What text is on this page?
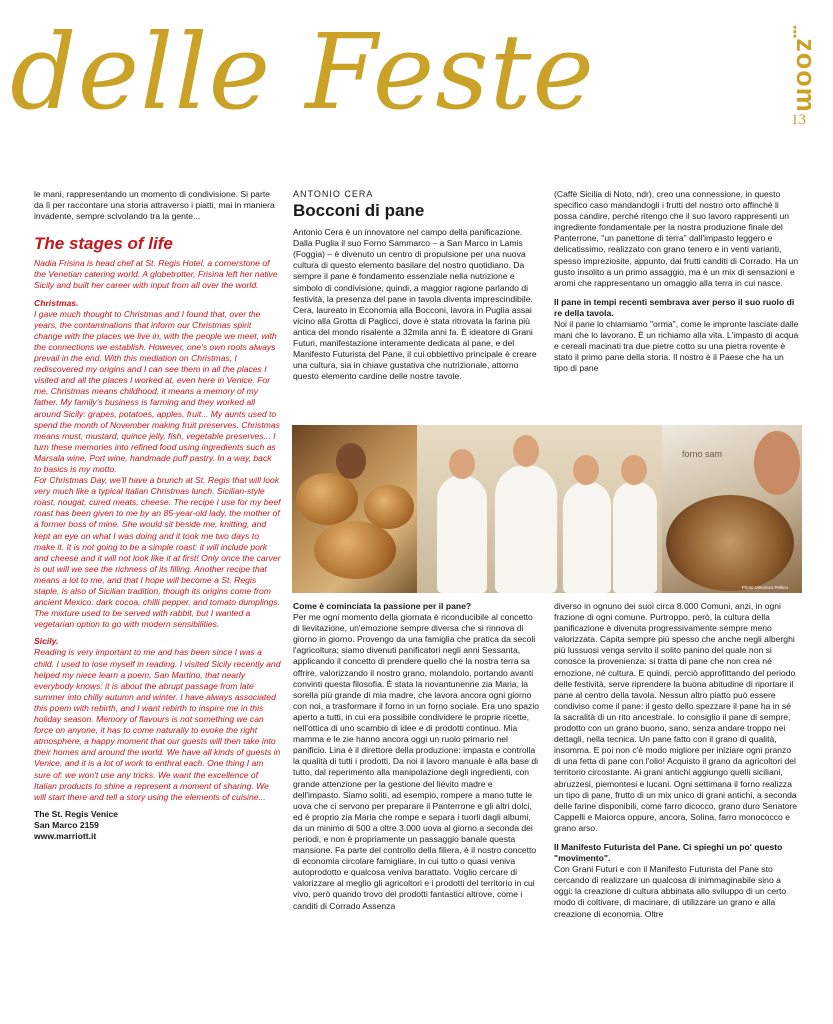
delle Feste	⁝
zoom
13

le mani, rappresentando un momento di condivisione. Si parte da lì per raccontare una storia attraverso i piatti, mai in maniera invadente, sempre scivolando tra la gente...

The stages of life

Nadia Frisina is head chef at St. Regis Hotel, a cornerstone of the Venetian catering world. A globetrotter, Frisina left her native Sicily and built her career with input from all over the world.

Christmas.

I gave much thought to Christmas and I found that, over the years, the contaminations that inform our Christmas spirit change with the places we live in, with the people we meet, with the connections we establish. However, one's own roots always prevail in the end. With this mediation on Christmas, I rediscovered my origins and I can see them in all the places I visited and all the places I worked at, even here in Venice. For me, Christmas means childhood, it means a memory of my father. My family's business is farming and they worked all around Sicily: grapes, potatoes, apples, fruit... My aunts used to spend the month of November making fruit preserves. Christmas means must, mustard, quince jelly, fish, vegetable preserves... I turn these memories into refined food using ingredients such as Marsala wine, Port wine, handmade puff pastry. In a way, back to basics is my motto.

For Christmas Day, we'll have a brunch at St. Regis that will look very much like a typical Italian Christmas lunch. Sicilian-style roast, nougat, cured meats, cheese. The recipe I use for my beef roast has been given to me by an 85-year-old lady, the mother of a former boss of mine. She would sit beside me, knitting, and kept an eye on what I was doing and it took me two days to make it. It is not going to be a simple roast: it will include pork and cheese and it will not look like it at first! Only once the carver is out will we see the richness of its filling. Another recipe that means a lot to me, and that I hope will become a St. Regis staple, is also of Sicilian tradition, though its origins come from ancient Mexico: dark cocoa, chilli pepper, and tomato dumplings. The mixture used to be served with rabbit, but I wanted a vegetarian option to go with modern sensibilities.

Sicily.

Reading is very important to me and has been since I was a child. I used to lose myself in reading. I visited Sicily recently and helped my niece learn a poem, San Martino, that nearly everybody knows: it is about the abrupt passage from late summer into chilly autumn and winter. I have always associated this poem with rebirth, and I want rebirth to inspire me in this holiday season. Memory of flavours is not something we can force on anyone, it has to come naturally to evoke the right atmosphere, a happy moment that our guests will then take into their homes and around the world. We have all kinds of guests in Venice, and it is a lot of work to enthral each. One thing I am sure of: we won't use any tricks. We want the excellence of Italian products to shine a represent a moment of sharing. We will start there and tell a story using the elements of cuisine...

The St. Regis Venice
San Marco 2159
www.marriott.it
ANTONIO CERA
Bocconi di pane

Antonio Cera è un innovatore nel campo della panificazione. Dalla Puglia il suo Forno Sammarco – a San Marco in Lamis (Foggia) – è divenuto un centro di propulsione per una nuova cultura di questo elemento basilare del nostro quotidiano. Da sempre il pane è fondamento essenziale nella nutrizione e simbolo di condivisione, quindi, a maggior ragione parlando di festività, la presenza del pane in tavola diventa imprescindibile. Cera, laureato in Economia alla Bocconi, lavora in Puglia assai vicino alla Grotta di Paglicci, dove è stata ritrovata la farina più antica del mondo risalente a 32mila anni fa. È ideatore di Grani Futuri, manifestazione interamente dedicata al pane, e del Manifesto Futurista del Pane, il cui obbiettivo principale è creare una cultura, sia in chiave gustativa che nutrizionale, attorno questo elemento cardine delle nostre tavole.

(Caffè Sicilia di Noto, ndr), creo una connessione, in questo specifico caso mandandogli i frutti del nostro orto affinché li possa candire, perché ritengo che il suo lavoro rappresenti un ingrediente fondamentale per la nostra produzione finale del Panterrone, "un panettone di terra" dall'impasto leggero e delicatissimo, realizzato con grano tenero e in venti varianti, spesso impreziosite, appunto, dai frutti canditi di Corrado. Ha un gusto insolito a un primo assaggio, ma è un mix di sensazioni e aromi che rappresentano un omaggio alla terra in cui nasce.

Il pane in tempi recenti sembrava aver perso il suo ruolo di re della tavola.

Noi il pane lo chiamiamo "orma", come le impronte lasciate dalle mani che lo lavorano. È un richiamo alla vita. L'impasto di acqua e cereali macinati tra due pietre cotto su una pietra rovente è stato il primo pane della storia. Il nostro è il Paese che ha un tipo di pane

forno sam
Photo Vincenzo Pellino

Come è cominciata la passione per il pane?

Per me ogni momento della giornata è riconducibile al concetto di lievitazione, un'emozione sempre diversa che si rinnova di giorno in giorno. Provengo da una famiglia che pratica da secoli l'agricoltura; siamo divenuti panificatori negli anni Sessanta, applicando il concetto di prendere quello che la nostra terra sa offrire, valorizzando il nostro grano, molandolo, portando avanti convinti questa filosofia. È stata la novantunenne zia Maria, la sorella più grande di mia madre, che lavora ancora ogni giorno con noi, a trasformare il forno in un forno sociale. Era uno spazio aperto a tutti, in cui era possibile condividere le proprie ricette, nell'ottica di uno scambio di idee e di prodotti continuo. Mia mamma e le zie hanno ancora oggi un ruolo primario nel panificio. Lina è il direttore della produzione: impasta e controlla la qualità di tutti i prodotti. Da noi il lavoro manuale è alla base di tutto, dal reperimento alla manipolazione degli ingredienti, con grande attenzione per la gestione del lievito madre e dell'impasto. Siamo soliti, ad esempio, rompere a mano tutte le uova che ci servono per preparare il Panterrone e gli altri dolci, ed è proprio zia Maria che rompe e separa i tuorli dagli albumi, da un minimo di 500 a oltre 3.000 uova al giorno a seconda dei periodi, e non è propriamente un passaggio banale questa mansione. Fa parte del controllo della filiera, è il nostro concetto di economia circolare famigliare, in cui tutto o quasi veniva autoprodotto e qualcosa veniva barattato. Voglio cercare di valorizzare al meglio gli agricoltori e i prodotti del territorio in cui vivo, però quando trovo dei prodotti fantastici altrove, come i canditi di Corrado Assenza

diverso in ognuno dei suoi circa 8.000 Comuni, anzi, in ogni frazione di ogni comune. Purtroppo, però, la cultura della panificazione è divenuta progressivamente sempre meno valorizzata. Capita sempre più spesso che anche negli alberghi più lussuosi venga servito il solito panino del quale non si conosce la provenienza: si tratta di pane che non crea né emozione, né cultura. E quindi, perciò approfittando del periodo delle festività, serve riprendere la buona abitudine di riportare il pane al centro della tavola. Nessun altro piatto può essere condiviso come il pane: il gesto dello spezzare il pane ha in sé la sacralità di un rito ancestrale. Io consiglio il pane di sempre, prodotto con un grano buono, sano, senza andare troppo nei dettagli, nella tecnica. Un pane fatto con il grano di qualità, insomma. E poi non c'è modo migliore per iniziare ogni pranzo di una fetta di pane con l'olio! Acquisto il grano da agricoltori del territorio circostante. Ai grani antichi aggiungo quelli siciliani, abruzzesi, piemontesi e lucani. Ogni settimana il forno realizza un tipo di pane, frutto di un mix unico di grani antichi, a seconda delle farine disponibili, come farro dicocco, grano duro Senatore Cappelli e Maiorca oppure, ancora, Solina, farro monococco e grano arso.

Il Manifesto Futurista del Pane. Ci spieghi un po' questo "movimento".

Con Grani Futuri e con il Manifesto Futurista del Pane sto cercando di realizzare un qualcosa di inimmaginabile sino a oggi: la creazione di cultura abbinata allo sviluppo di un certo modo di coltivare, di macinare, di utilizzare un grano e alla creazione di economia. Oltre
